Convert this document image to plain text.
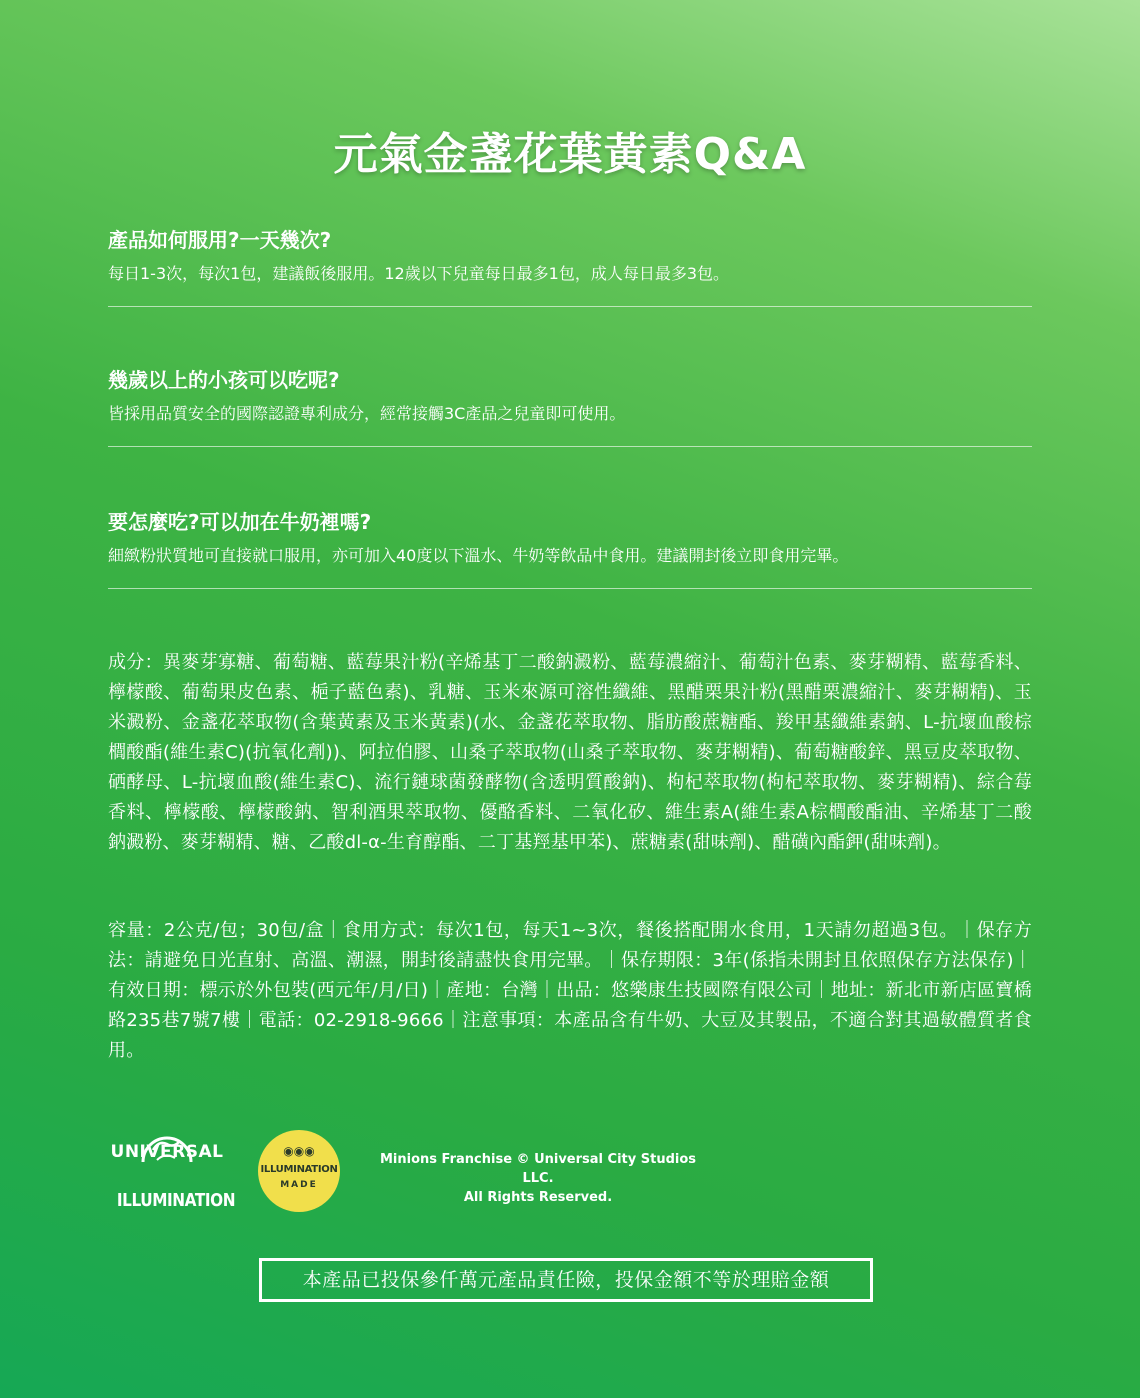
元氣金盞花葉黃素Q&A
產品如何服用?一天幾次?
每日1-3次，每次1包，建議飯後服用。12歲以下兒童每日最多1包，成人每日最多3包。
幾歲以上的小孩可以吃呢?
皆採用品質安全的國際認證專利成分，經常接觸3C產品之兒童即可使用。
要怎麼吃?可以加在牛奶裡嗎?
細緻粉狀質地可直接就口服用，亦可加入40度以下溫水、牛奶等飲品中食用。建議開封後立即食用完畢。
成分：異麥芽寡糖、葡萄糖、藍莓果汁粉(辛烯基丁二酸鈉澱粉、藍莓濃縮汁、葡萄汁色素、麥芽糊精、藍莓香料、檸檬酸、葡萄果皮色素、梔子藍色素)、乳糖、玉米來源可溶性纖維、黑醋栗果汁粉(黑醋栗濃縮汁、麥芽糊精)、玉米澱粉、金盞花萃取物(含葉黃素及玉米黃素)(水、金盞花萃取物、脂肪酸蔗糖酯、羧甲基纖維素鈉、L-抗壞血酸棕櫚酸酯(維生素C)(抗氧化劑))、阿拉伯膠、山桑子萃取物(山桑子萃取物、麥芽糊精)、葡萄糖酸鋅、黑豆皮萃取物、硒酵母、L-抗壞血酸(維生素C)、流行鏈球菌發酵物(含透明質酸鈉)、枸杞萃取物(枸杞萃取物、麥芽糊精)、綜合莓香料、檸檬酸、檸檬酸鈉、智利酒果萃取物、優酪香料、二氧化矽、維生素A(維生素A棕櫚酸酯油、辛烯基丁二酸鈉澱粉、麥芽糊精、糖、乙酸dl-α-生育醇酯、二丁基羥基甲苯)、蔗糖素(甜味劑)、醋磺內酯鉀(甜味劑)。
容量：2公克/包；30包/盒｜食用方式：每次1包，每天1~3次，餐後搭配開水食用，1天請勿超過3包。｜保存方法：請避免日光直射、高溫、潮濕，開封後請盡快食用完畢。｜保存期限：3年(係指未開封且依照保存方法保存)｜有效日期：標示於外包裝(西元年/月/日)｜產地：台灣｜出品：悠樂康生技國際有限公司｜地址：新北市新店區寶橋路235巷7號7樓｜電話：02-2918-9666｜注意事項：本產品含有牛奶、大豆及其製品，不適合對其過敏體質者食用。
UNIVERSAL
ILLUMINATION
◉◉◉
ILLUMINATION
MADE
Minions Franchise © Universal City Studios LLC.
All Rights Reserved.
本產品已投保參仟萬元產品責任險，投保金額不等於理賠金額
